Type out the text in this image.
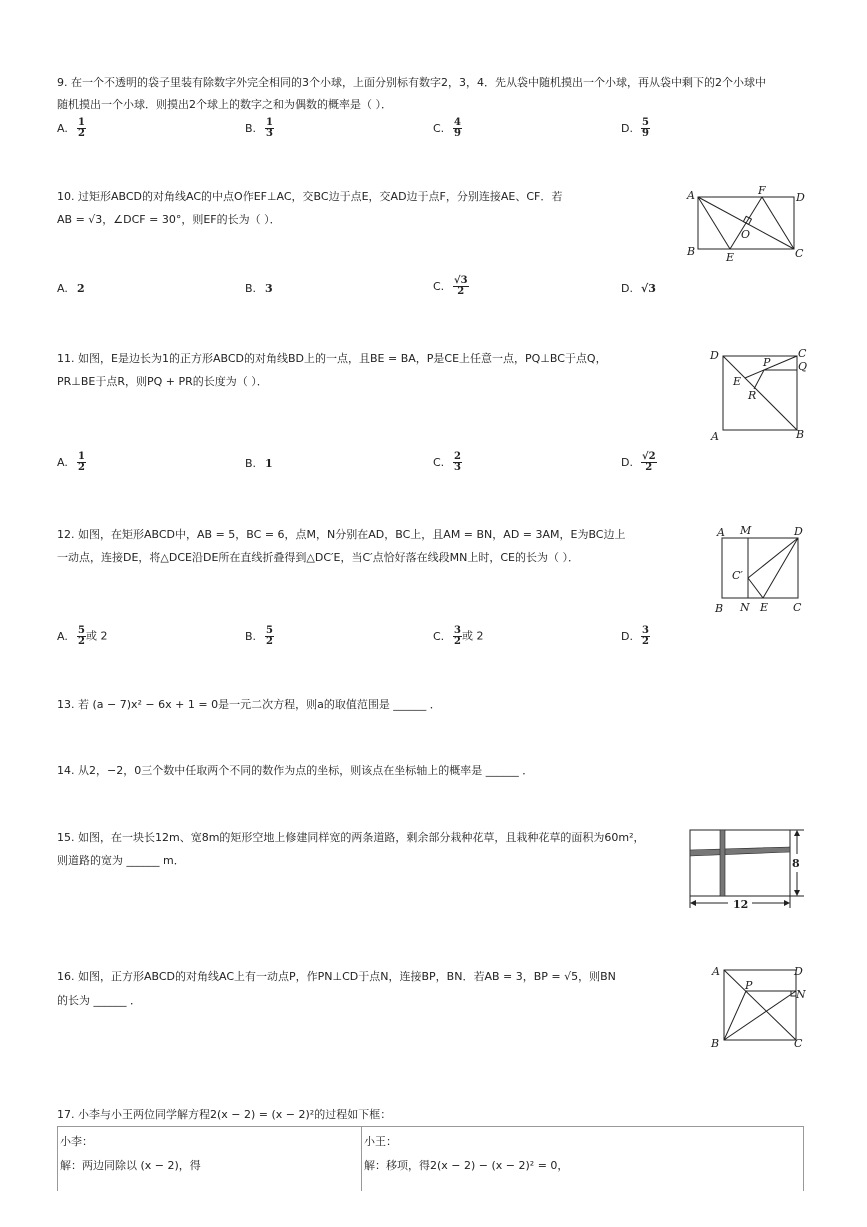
9. 在一个不透明的袋子里装有除数字外完全相同的3个小球，上面分别标有数字2，3，4．先从袋中随机摸出一个小球，再从袋中剩下的2个小球中
随机摸出一个小球．则摸出2个球上的数字之和为偶数的概率是（ ）．
A. $\frac{1}{2}$	B. $\frac{1}{3}$	C. $\frac{4}{9}$	D. $\frac{5}{9}$
10. 过矩形ABCD的对角线AC的中点O作EF⊥AC，交BC边于点E，交AD边于点F，分别连接AE、CF．若
AB = √3，∠DCF = 30°，则EF的长为（ ）．
A	F
D
B	E	C
O
A. 2	B. 3	C. $\frac{√3}{2}$	D. √3
11. 如图，E是边长为1的正方形ABCD的对角线BD上的一点，且BE = BA，P是CE上任意一点，PQ⊥BC于点Q，
PR⊥BE于点R，则PQ + PR的长度为（ ）．
D	C
Q
P
E
R
A	B
A. $\frac{1}{2}$	B. 1	C. $\frac{2}{3}$	D. $\frac{√2}{2}$
12. 如图，在矩形ABCD中，AB = 5，BC = 6，点M，N分别在AD，BC上，且AM = BN，AD = 3AM，E为BC边上
一动点，连接DE，将△DCE沿DE所在直线折叠得到△DC′E，当C′点恰好落在线段MN上时，CE的长为（ ）．
A M	D
C′
B N E C
A. $\frac{5}{2}$ 或 2	B. $\frac{5}{2}$	C. $\frac{3}{2}$ 或 2	D. $\frac{3}{2}$
13. 若 (a − 7)x² − 6x + 1 = 0是一元二次方程，则a的取值范围是 ______ ．
14. 从2，−2，0三个数中任取两个不同的数作为点的坐标，则该点在坐标轴上的概率是 ______ ．
15. 如图，在一块长12m、宽8m的矩形空地上修建同样宽的两条道路，剩余部分栽种花草，且栽种花草的面积为60m²，
则道路的宽为 ______ m．	8
12
16. 如图，正方形ABCD的对角线AC上有一动点P，作PN⊥CD于点N，连接BP，BN．若AB = 3，BP = √5，则BN
的长为 ______ ．
A	D
P
N
B	C
17. 小李与小王两位同学解方程2(x − 2) = (x − 2)²的过程如下框：
小李：
解：两边同除以 (x − 2)，得
小王：
解：移项，得2(x − 2) − (x − 2)² = 0，
